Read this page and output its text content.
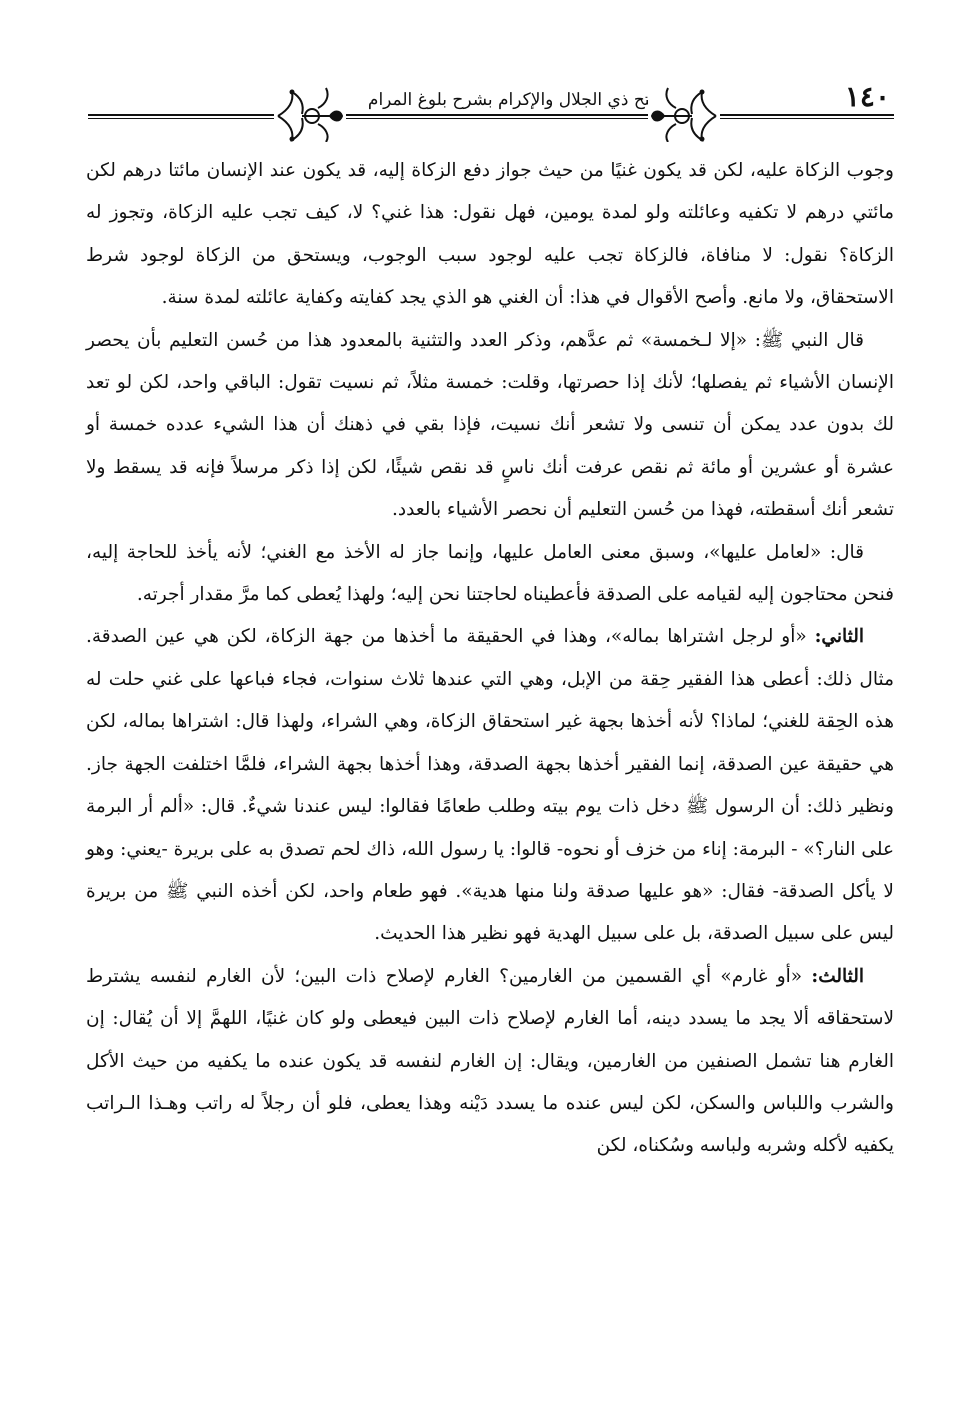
فتح ذي الجلال والإكرام بشرح بلوغ المرام	١٤٠

وجوب الزكاة عليه، لكن قد يكون غنيًا من حيث جواز دفع الزكاة إليه، قد يكون عند الإنسان مائتا درهم لكن مائتي درهم لا تكفيه وعائلته ولو لمدة يومين، فهل نقول: هذا غني؟ لا، كيف تجب عليه الزكاة، وتجوز له الزكاة؟ نقول: لا منافاة، فالزكاة تجب عليه لوجود سبب الوجوب، ويستحق من الزكاة لوجود شرط الاستحقاق، ولا مانع. وأصح الأقوال في هذا: أن الغني هو الذي يجد كفايته وكفاية عائلته لمدة سنة.

قال النبي ﷺ: «إلا لـخمسة» ثم عدَّهم، وذكر العدد والتثنية بالمعدود هذا من حُسن التعليم بأن يحصر الإنسان الأشياء ثم يفصلها؛ لأنك إذا حصرتها، وقلت: خمسة مثلاً، ثم نسيت تقول: الباقي واحد، لكن لو تعد لك بدون عدد يمكن أن تنسى ولا تشعر أنك نسيت، فإذا بقي في ذهنك أن هذا الشيء عدده خمسة أو عشرة أو عشرين أو مائة ثم نقص عرفت أنك ناسٍ قد نقص شيئًا، لكن إذا ذكر مرسلاً فإنه قد يسقط ولا تشعر أنك أسقطته، فهذا من حُسن التعليم أن نحصر الأشياء بالعدد.

قال: «لعامل عليها»، وسبق معنى العامل عليها، وإنما جاز له الأخذ مع الغني؛ لأنه يأخذ للحاجة إليه، فنحن محتاجون إليه لقيامه على الصدقة فأعطيناه لحاجتنا نحن إليه؛ ولهذا يُعطى كما مرَّ مقدار أجرته.

الثاني: «أو لرجل اشتراها بماله»، وهذا في الحقيقة ما أخذها من جهة الزكاة، لكن هي عين الصدقة. مثال ذلك: أعطى هذا الفقير حِقة من الإبل، وهي التي عندها ثلاث سنوات، فجاء فباعها على غني حلت له هذه الحِقة للغني؛ لماذا؟ لأنه أخذها بجهة غير استحقاق الزكاة، وهي الشراء، ولهذا قال: اشتراها بماله، لكن هي حقيقة عين الصدقة، إنما الفقير أخذها بجهة الصدقة، وهذا أخذها بجهة الشراء، فلمَّا اختلفت الجهة جاز. ونظير ذلك: أن الرسول ﷺ دخل ذات يوم بيته وطلب طعامًا فقالوا: ليس عندنا شيءٌ. قال: «ألم أر البرمة على النار؟» - البرمة: إناء من خزف أو نحوه- قالوا: يا رسول الله، ذاك لحم تصدق به على بريرة -يعني: وهو لا يأكل الصدقة- فقال: «هو عليها صدقة ولنا منها هدية». فهو طعام واحد، لكن أخذه النبي ﷺ من بريرة ليس على سبيل الصدقة، بل على سبيل الهدية فهو نظير هذا الحديث.

الثالث: «أو غارم» أي القسمين من الغارمين؟ الغارم لإصلاح ذات البين؛ لأن الغارم لنفسه يشترط لاستحقاقه ألا يجد ما يسدد دينه، أما الغارم لإصلاح ذات البين فيعطى ولو كان غنيًا، اللهمَّ إلا أن يُقال: إن الغارم هنا تشمل الصنفين من الغارمين، ويقال: إن الغارم لنفسه قد يكون عنده ما يكفيه من حيث الأكل والشرب واللباس والسكن، لكن ليس عنده ما يسدد دَيْنه وهذا يعطى، فلو أن رجلاً له راتب وهـذا الـراتب يكفيه لأكله وشربه ولباسه وسُكناه، لكن
